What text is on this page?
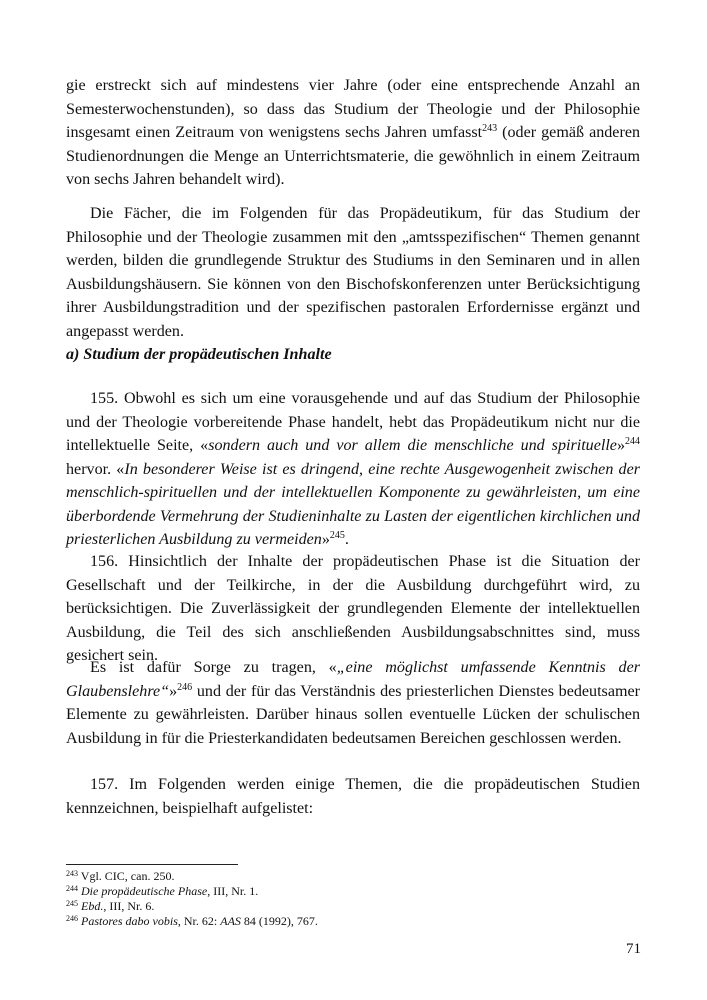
gie erstreckt sich auf mindestens vier Jahre (oder eine entsprechende Anzahl an Semesterwochenstunden), so dass das Studium der Theologie und der Philosophie insgesamt einen Zeitraum von wenigstens sechs Jahren umfasst$^{243}$ (oder gemäß anderen Studienordnungen die Menge an Unterrichtsmaterie, die gewöhnlich in einem Zeitraum von sechs Jahren behandelt wird).

Die Fächer, die im Folgenden für das Propädeutikum, für das Studium der Philosophie und der Theologie zusammen mit den „amtsspezifischen“ Themen genannt werden, bilden die grundlegende Struktur des Studiums in den Seminaren und in allen Ausbildungshäusern. Sie können von den Bischofskonferenzen unter Berücksichtigung ihrer Ausbildungstradition und der spezifischen pastoralen Erfordernisse ergänzt und angepasst werden.

a) Studium der propädeutischen Inhalte

155. Obwohl es sich um eine vorausgehende und auf das Studium der Philosophie und der Theologie vorbereitende Phase handelt, hebt das Propädeutikum nicht nur die intellektuelle Seite, «sondern auch und vor allem die menschliche und spirituelle»$^{244}$ hervor. «In besonderer Weise ist es dringend, eine rechte Ausgewogenheit zwischen der menschlich-spirituellen und der intellektuellen Komponente zu gewährleisten, um eine überbordende Vermehrung der Studieninhalte zu Lasten der eigentlichen kirchlichen und priesterlichen Ausbildung zu vermeiden»$^{245}$.

156. Hinsichtlich der Inhalte der propädeutischen Phase ist die Situation der Gesellschaft und der Teilkirche, in der die Ausbildung durchgeführt wird, zu berücksichtigen. Die Zuverlässigkeit der grundlegenden Elemente der intellektuellen Ausbildung, die Teil des sich anschließenden Ausbildungsabschnittes sind, muss gesichert sein.

Es ist dafür Sorge zu tragen, «„eine möglichst umfassende Kenntnis der Glaubenslehre“»$^{246}$ und der für das Verständnis des priesterlichen Dienstes bedeutsamer Elemente zu gewährleisten. Darüber hinaus sollen eventuelle Lücken der schulischen Ausbildung in für die Priesterkandidaten bedeutsamen Bereichen geschlossen werden.

157. Im Folgenden werden einige Themen, die die propädeutischen Studien kennzeichnen, beispielhaft aufgelistet:

$^{243}$ Vgl. CIC, can. 250.

$^{244}$ Die propädeutische Phase, III, Nr. 1.

$^{245}$ Ebd., III, Nr. 6.

$^{246}$ Pastores dabo vobis, Nr. 62: AAS 84 (1992), 767.

71
